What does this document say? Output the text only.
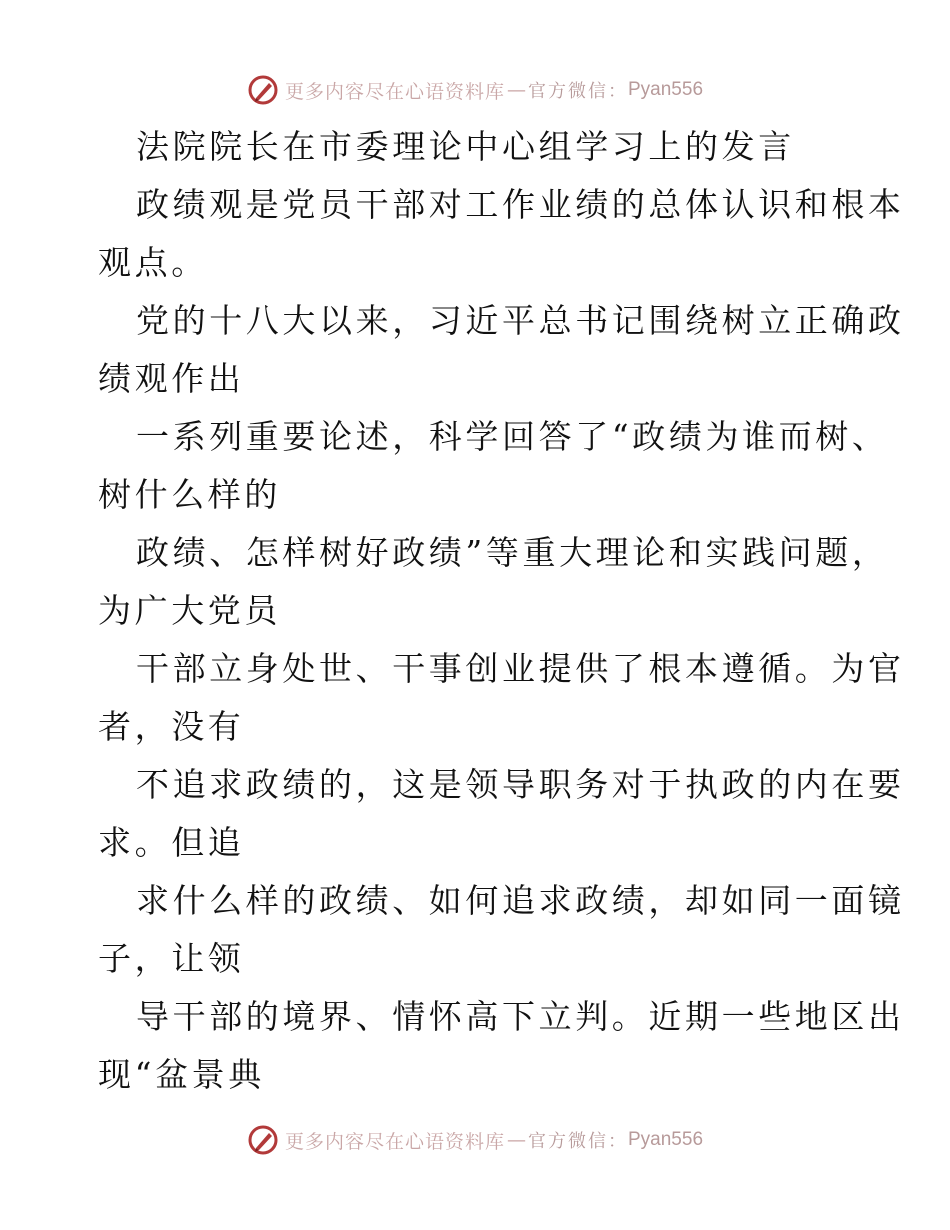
更多内容尽在心语资料库 — 官方微信： Pyan556
法院院长在市委理论中心组学习上的发言
政绩观是党员干部对工作业绩的总体认识和根本
观点。
党的十八大以来，习近平总书记围绕树立正确政
绩观作出
一系列重要论述，科学回答了“政绩为谁而树、
树什么样的
政绩、怎样树好政绩”等重大理论和实践问题，
为广大党员
干部立身处世、干事创业提供了根本遵循。为官
者，没有
不追求政绩的，这是领导职务对于执政的内在要
求。但追
求什么样的政绩、如何追求政绩，却如同一面镜
子，让领
导干部的境界、情怀高下立判。近期一些地区出
现“盆景典
更多内容尽在心语资料库 — 官方微信： Pyan556
